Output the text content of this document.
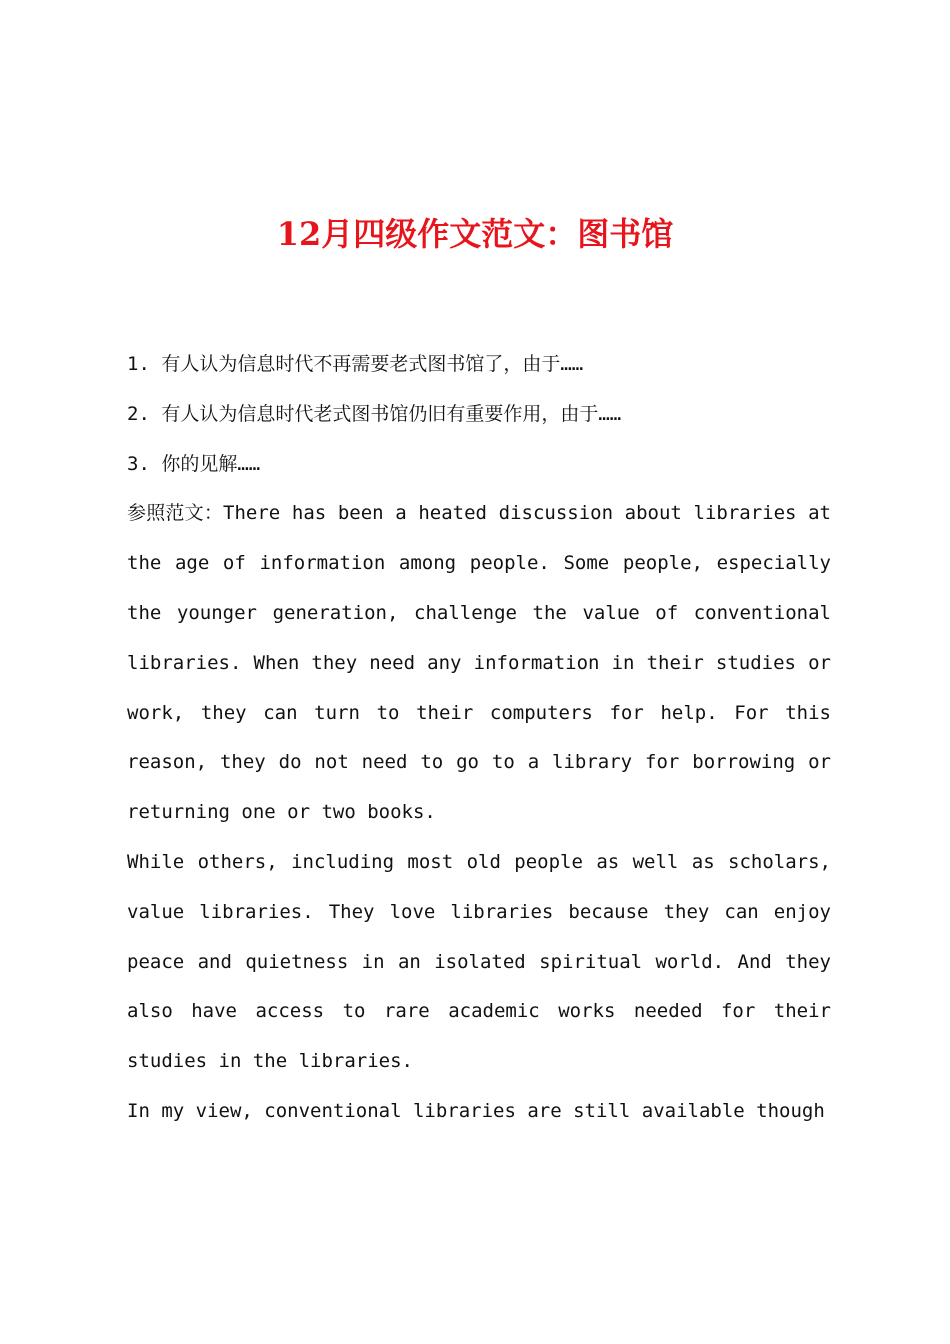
12月四级作文范文：图书馆

1. 有人认为信息时代不再需要老式图书馆了，由于……

2. 有人认为信息时代老式图书馆仍旧有重要作用，由于……

3. 你的见解……

参照范文：There has been a heated discussion about libraries at the age of information among people. Some people, especially the younger generation, challenge the value of conventional libraries. When they need any information in their studies or work, they can turn to their computers for help. For this reason, they do not need to go to a library for borrowing or returning one or two books.

While others, including most old people as well as scholars, value libraries. They love libraries because they can enjoy peace and quietness in an isolated spiritual world. And they also have access to rare academic works needed for their studies in the libraries.

In my view, conventional libraries are still available though
